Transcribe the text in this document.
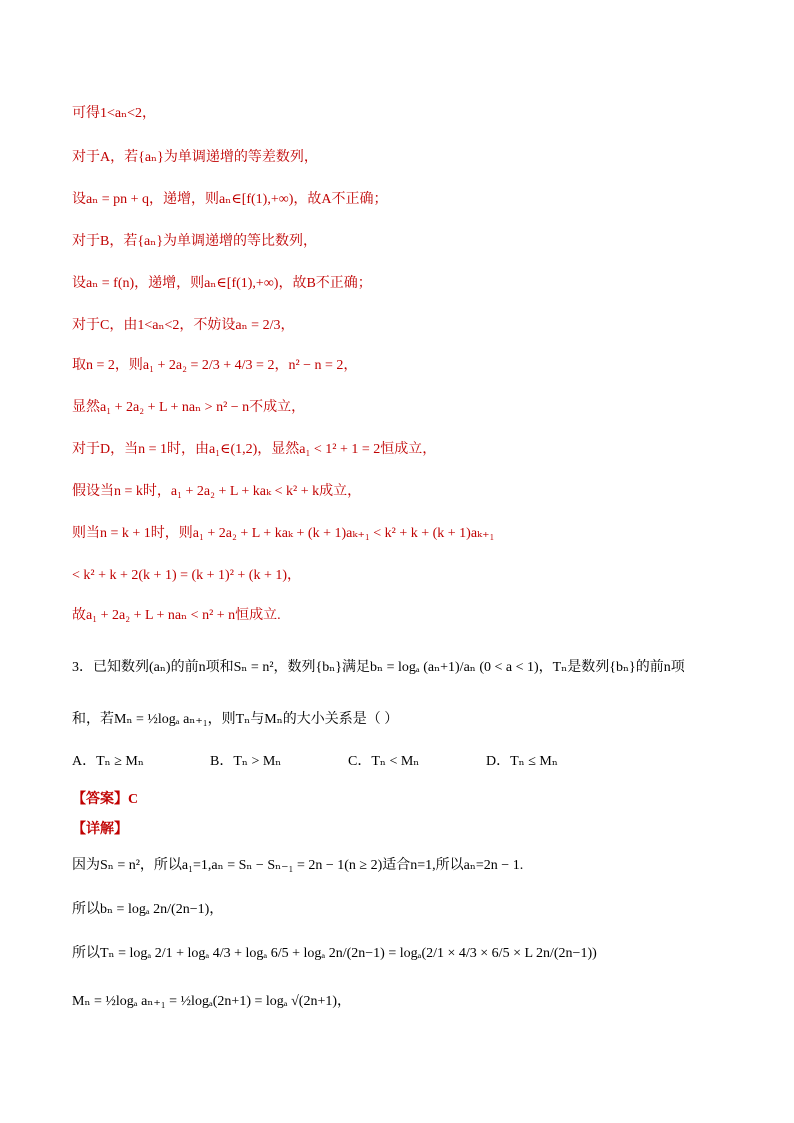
可得1<aₙ<2，
对于A，若{aₙ}为单调递增的等差数列，
设aₙ = pn + q，递增，则aₙ∈[f(1),+∞)，故A不正确；
对于B，若{aₙ}为单调递增的等比数列，
设aₙ = f(n)，递增，则aₙ∈[f(1),+∞)，故B不正确；
对于C，由1<aₙ<2，不妨设aₙ = 2/3，
取n = 2，则a₁ + 2a₂ = 2/3 + 4/3 = 2，n² − n = 2，
显然a₁ + 2a₂ + L + naₙ > n² − n不成立，
对于D，当n = 1时，由a₁∈(1,2)，显然a₁ < 1² + 1 = 2恒成立，
假设当n = k时，a₁ + 2a₂ + L + kaₖ < k² + k成立，
则当n = k + 1时，则a₁ + 2a₂ + L + kaₖ + (k + 1)aₖ₊₁ < k² + k + (k + 1)aₖ₊₁
< k² + k + 2(k + 1) = (k + 1)² + (k + 1)，
故a₁ + 2a₂ + L + naₙ < n² + n恒成立.
3．已知数列(aₙ)的前n项和Sₙ = n²，数列{bₙ}满足bₙ = logₐ (aₙ+1)/aₙ (0 < a < 1)，Tₙ是数列{bₙ}的前n项
和，若Mₙ = ½logₐ aₙ₊₁，则Tₙ与Mₙ的大小关系是（ ）
A．Tₙ ≥ Mₙ	B．Tₙ > Mₙ	C．Tₙ < Mₙ	D．Tₙ ≤ Mₙ
【答案】C
【详解】
因为Sₙ = n²，所以a₁=1,aₙ = Sₙ − Sₙ₋₁ = 2n − 1(n ≥ 2)适合n=1,所以aₙ=2n − 1.
所以bₙ = logₐ 2n/(2n−1)，
所以Tₙ = logₐ 2/1 + logₐ 4/3 + logₐ 6/5 + logₐ 2n/(2n−1) = logₐ(2/1 × 4/3 × 6/5 × L 2n/(2n−1))
Mₙ = ½logₐ aₙ₊₁ = ½logₐ(2n+1) = logₐ √(2n+1)，
